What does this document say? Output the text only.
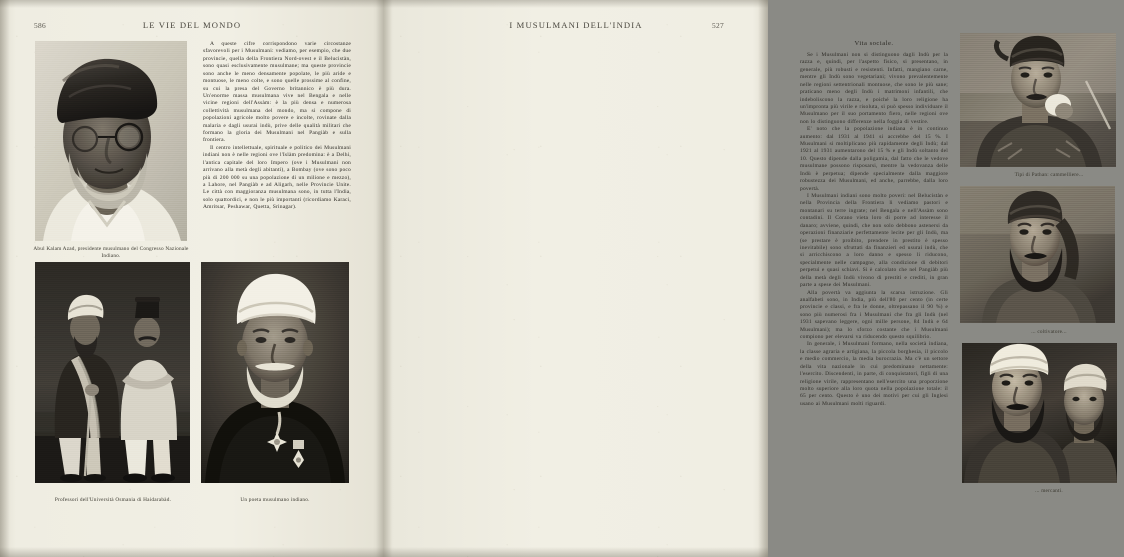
Abul Kalam Azad, presidente musulmano del Congresso Nazionale Indiano.
Professori dell'Università Osmania di Haidarabàd.	Un poeta musulmano indiano.

A queste cifre corrispondono varie circostanze sfavorevoli per i Musulmani: vediamo, per esempio, che due provincie, quella della Frontiera Nord-ovest e il Belucistàn, sono quasi esclusivamente musulmane; ma queste provincie sono anche le meno densamente popolate, le più aride e montuose, le meno colte, e sono quelle prossime al confine, su cui la presa del Governo britannico è più dura. Un'enorme massa musulmana vive nel Bengala e nelle vicine regioni dell'Assàm: è la più densa e numerosa collettività musulmana del mondo, ma si compone di popolazioni agricole molto povere e incolte, rovinate dalla malaria e dagli usurai indù, prive delle qualità militari che formano la gloria dei Musulmani nel Pangiàb e sulla frontiera.

Il centro intellettuale, spirituale e politico dei Musulmani indiani non è nelle regioni ove l'Islàm predomina: è a Delhi, l'antica capitale del loro Impero (ove i Musulmani non arrivano alla metà degli abitanti), a Bombay (ove sono poco più di 200 000 su una popolazione di un milione e mezzo), a Lahore, nel Pangiàb e ad Aligarh, nelle Provincie Unite. Le città con maggioranza musulmana sono, in tutta l'India, solo quattordici, e non le più importanti (ricordiamo Karaci, Amritsar, Peshawar, Quetta, Srinagar).

Vita sociale.
Tipi di Pathan: cammelliere...
... coltivatore...
... mercanti.

Se i Musulmani non si distinguono dagli Indù per la razza e, quindi, per l'aspetto fisico, si presentano, in generale, più robusti e resistenti. Infatti, mangiano carne, mentre gli Indù sono vegetariani; vivono prevalentemente nelle regioni settentrionali montuose, che sono le più sane; praticano meno degli Indù i matrimoni infantili, che indeboliscono la razza, e poiché la loro religione ha un'impronta più virile e risoluta, si può spesso individuare il Musulmano per il suo portamento fiero, nelle regioni ove non lo distinguono differenze nella foggia di vestire.

E' noto che la popolazione indiana è in continuo aumento: dal 1931 al 1941 si accrebbe del 15 %. I Musulmani si moltiplicano più rapidamente degli Indù; dal 1921 al 1931 aumentarono del 15 % e gli Indù soltanto del 10. Questo dipende dalla poligamia, dal fatto che le vedove musulmane possono risposarsi, mentre la vedovanza delle Indù è perpetua; dipende specialmente dalla maggiore robustezza dei Musulmani, ed anche, parrebbe, dalla loro povertà.

I Musulmani indiani sono molto poveri: nel Belucistàn e nella Provincia della Frontiera li vediamo pastori e montanari su terre ingrate; nel Bengala e nell'Assàm sono contadini. Il Corano vieta loro di porre ad interesse il danaro; avviene, quindi, che non solo debbono astenersi da operazioni finanziarie perfettamente lecite per gli Indù, ma (se prestare è proibito, prendere in prestito è spesso inevitabile) sono sfruttati da finanzieri ed usurai indù, che si arricchiscono a loro danno e spesso li riducono, specialmente nelle campagne, alla condizione di debitori perpetui e quasi schiavi. Si è calcolato che nel Pangiàb più della metà degli Indù vivono di prestiti e crediti, in gran parte a spese dei Musulmani.

Alla povertà va aggiunta la scarsa istruzione. Gli analfabeti sono, in India, più dell'80 per cento (in certe provincie e classi, e fra le donne, oltrepassano il 90 %) e sono più numerosi fra i Musulmani che fra gli Indù (nel 1931 sapevano leggere, ogni mille persone, 84 Indù e 64 Musulmani); ma lo sforzo costante che i Musulmani compiono per elevarsi va riducendo questo squilibrio.

In generale, i Musulmani formano, nella società indiana, la classe agraria e artigiana, la piccola borghesia, il piccolo e medio commercio, la media burocrazia. Ma c'è un settore della vita nazionale in cui predominano nettamente: l'esercito. Discendenti, in parte, di conquistatori, figli di una religione virile, rappresentano nell'esercito una proporzione molto superiore alla loro quota nella popolazione totale: il 65 per cento. Questo è uno dei motivi per cui gli Inglesi usano ai Musulmani molti riguardi.

LE VIE DEL MONDO	I MUSULMANI DELL'INDIA
586	527
